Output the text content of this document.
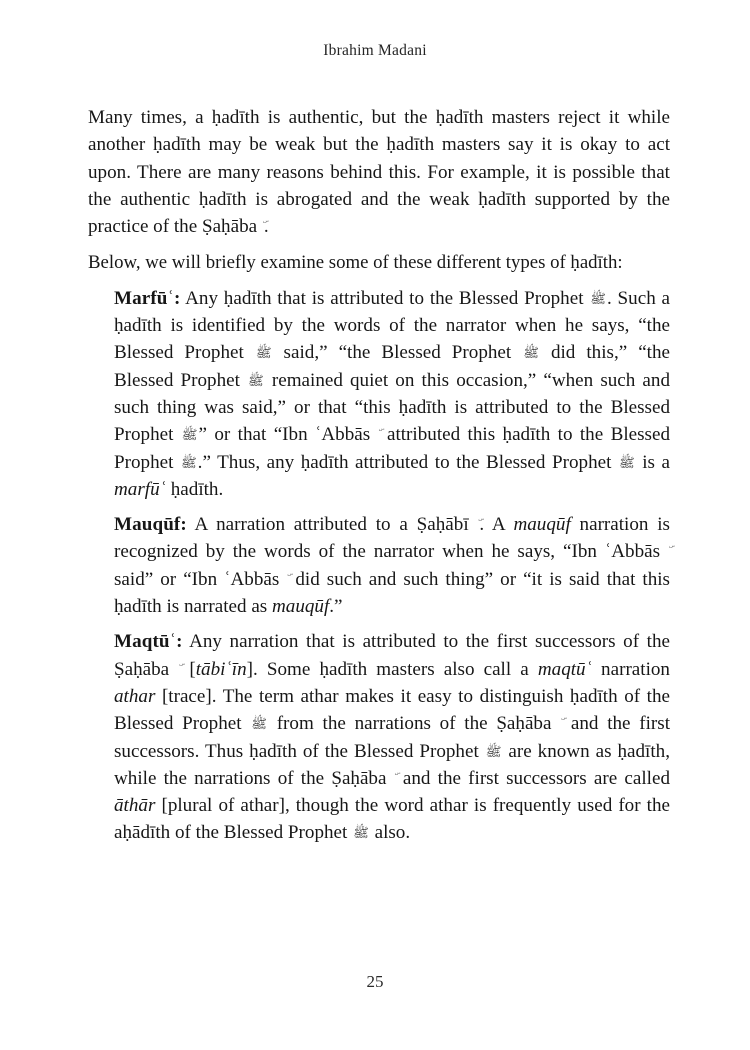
Ibrahim Madani

Many times, a ḥadīth is authentic, but the ḥadīth masters reject it while another ḥadīth may be weak but the ḥadīth masters say it is okay to act upon. There are many reasons behind this. For example, it is possible that the authentic ḥadīth is abrogated and the weak ḥadīth supported by the practice of the Ṣaḥāba .

Below, we will briefly examine some of these different types of ḥadīth:

Marfūʿ: Any ḥadīth that is attributed to the Blessed Prophet ﷺ. Such a ḥadīth is identified by the words of the narrator when he says, “the Blessed Prophet ﷺ said,” “the Blessed Prophet ﷺ did this,” “the Blessed Prophet ﷺ remained quiet on this occasion,” “when such and such thing was said,” or that “this ḥadīth is attributed to the Blessed Prophet ﷺ” or that “Ibn ʿAbbās  attributed this ḥadīth to the Blessed Prophet ﷺ.” Thus, any ḥadīth attributed to the Blessed Prophet ﷺ is a marfūʿ ḥadīth.

Mauqūf: A narration attributed to a Ṣaḥābī . A mauqūf narration is recognized by the words of the narrator when he says, “Ibn ʿAbbās  said” or “Ibn ʿAbbās  did such and such thing” or “it is said that this ḥadīth is narrated as mauqūf.”

Maqtūʿ: Any narration that is attributed to the first successors of the Ṣaḥāba  [tābiʿīn]. Some ḥadīth masters also call a maqtūʿ narration athar [trace]. The term athar makes it easy to distinguish ḥadīth of the Blessed Prophet ﷺ from the narrations of the Ṣaḥāba  and the first successors. Thus ḥadīth of the Blessed Prophet ﷺ are known as ḥadīth, while the narrations of the Ṣaḥāba  and the first successors are called āthār [plural of athar], though the word athar is frequently used for the aḥādīth of the Blessed Prophet ﷺ also.

25
